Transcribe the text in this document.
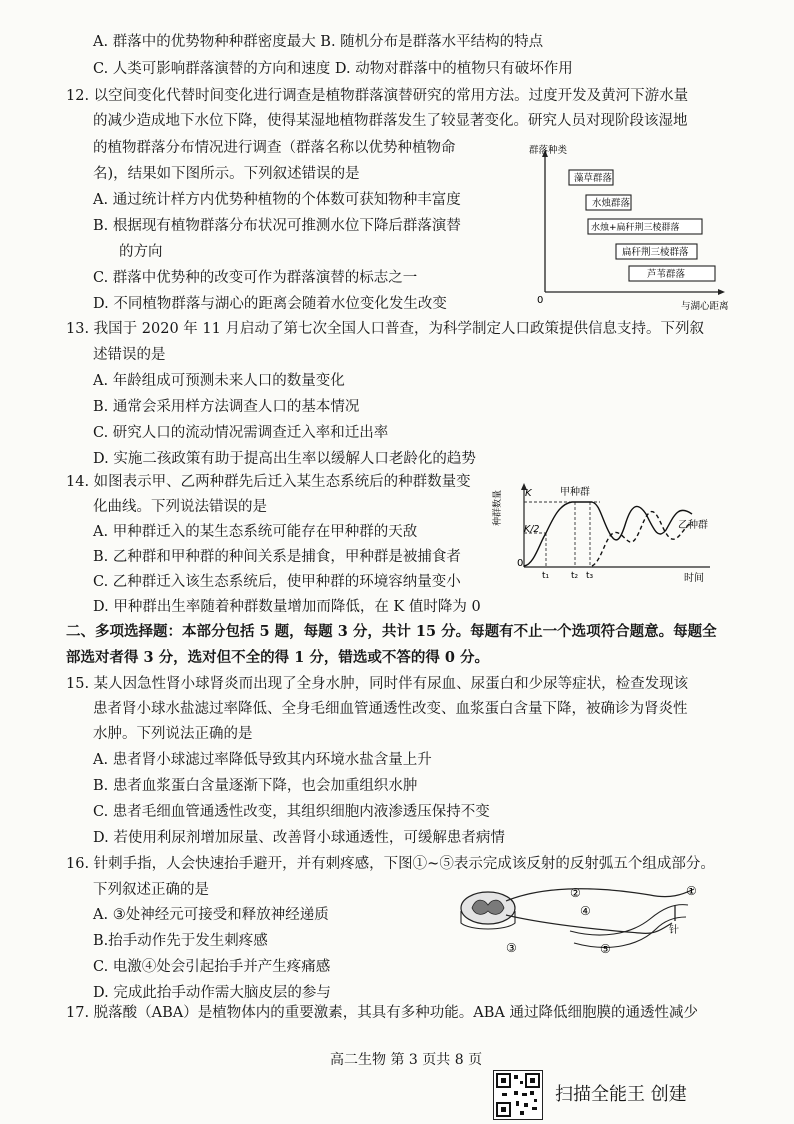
A. 群落中的优势物种种群密度最大 B. 随机分布是群落水平结构的特点
C. 人类可影响群落演替的方向和速度 D. 动物对群落中的植物只有破坏作用
12. 以空间变化代替时间变化进行调查是植物群落演替研究的常用方法。过度开发及黄河下游水量
的减少造成地下水位下降，使得某湿地植物群落发生了较显著变化。研究人员对现阶段该湿地
的植物群落分布情况进行调查（群落名称以优势种植物命
名)，结果如下图所示。下列叙述错误的是
A. 通过统计样方内优势种植物的个体数可获知物种丰富度
B. 根据现有植物群落分布状况可推测水位下降后群落演替
的方向
C. 群落中优势种的改变可作为群落演替的标志之一
D. 不同植物群落与湖心的距离会随着水位变化发生改变
群落种类
0
与湖心距离
藻草群落
水烛群落
水烛+扁秆荆三棱群落
扁秆荆三棱群落
芦苇群落
13. 我国于 2020 年 11 月启动了第七次全国人口普查，为科学制定人口政策提供信息支持。下列叙
述错误的是
A. 年龄组成可预测未来人口的数量变化
B. 通常会采用样方法调查人口的基本情况
C. 研究人口的流动情况需调查迁入率和迁出率
D. 实施二孩政策有助于提高出生率以缓解人口老龄化的趋势
14. 如图表示甲、乙两种群先后迁入某生态系统后的种群数量变
化曲线。下列说法错误的是
A. 甲种群迁入的某生态系统可能存在甲种群的天敌
B. 乙种群和甲种群的种间关系是捕食，甲种群是被捕食者
C. 乙种群迁入该生态系统后，使甲种群的环境容纳量变小
D. 甲种群出生率随着种群数量增加而降低，在 K 值时降为 0
种群数量 K
K/2
0
t₁ t₂ t₃	时间
甲种群
乙种群
二、多项选择题：本部分包括 5 题，每题 3 分，共计 15 分。每题有不止一个选项符合题意。每题全
部选对者得 3 分，选对但不全的得 1 分，错选或不答的得 0 分。
15. 某人因急性肾小球肾炎而出现了全身水肿，同时伴有尿血、尿蛋白和少尿等症状，检查发现该
患者肾小球水盐滤过率降低、全身毛细血管通透性改变、血浆蛋白含量下降，被确诊为肾炎性
水肿。下列说法正确的是
A. 患者肾小球滤过率降低导致其内环境水盐含量上升
B. 患者血浆蛋白含量逐渐下降，也会加重组织水肿
C. 患者毛细血管通透性改变，其组织细胞内液渗透压保持不变
D. 若使用利尿剂增加尿量、改善肾小球通透性，可缓解患者病情
16. 针刺手指，人会快速抬手避开，并有刺疼感，下图①~⑤表示完成该反射的反射弧五个组成部分。
下列叙述正确的是
A. ③处神经元可接受和释放神经递质
B.抬手动作先于发生刺疼感
C. 电激④处会引起抬手并产生疼痛感
D. 完成此抬手动作需大脑皮层的参与
针
①
②
③
④
⑤
17. 脱落酸（ABA）是植物体内的重要激素，其具有多种功能。ABA 通过降低细胞膜的通透性减少
高二生物 第 3 页共 8 页
扫描全能王 创建
